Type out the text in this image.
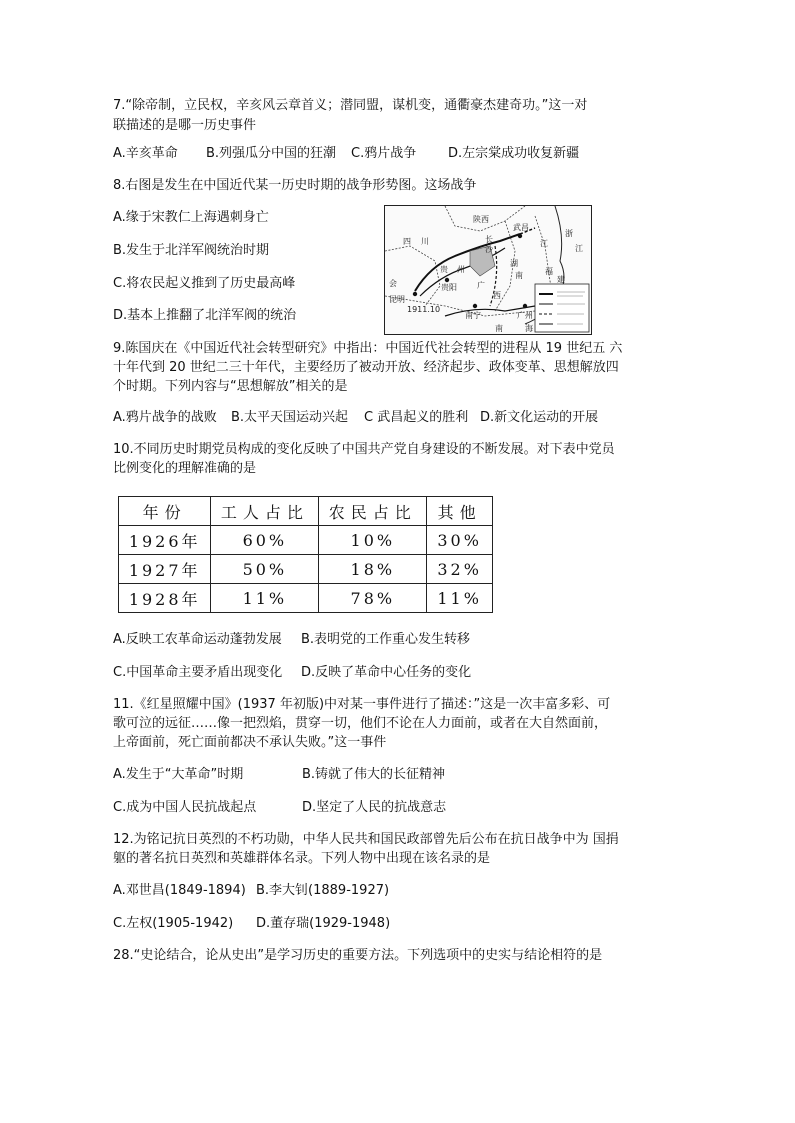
7.“除帝制，立民权，辛亥风云章首义；潜同盟，谋机变，通衢豪杰建奇功。”这一对
联描述的是哪一历史事件
A.辛亥革命 B.列强瓜分中国的狂潮 C.鸦片战争 D.左宗棠成功收复新疆
8.右图是发生在中国近代某一历史时期的战争形势图。这场战争
A.缘于宋教仁上海遇刺身亡
B.发生于北洋军阀统治时期
C.将农民起义推到了历史最高峰
D.基本上推翻了北洋军阀的统治
陕西
四 川	长
沙
武昌
江
浙
江
湖
南
贵 州
贵阳	广
西
南宁	广州
南	海
福
建
会
昆明
1911.10
9.陈国庆在《中国近代社会转型研究》中指出：中国近代社会转型的进程从 19 世纪五 六
十年代到 20 世纪二三十年代，主要经历了被动开放、经济起步、政体变革、思想解放四
个时期。下列内容与“思想解放”相关的是
A.鸦片战争的战败 B.太平天国运动兴起 C 武昌起义的胜利 D.新文化运动的开展
10.不同历史时期党员构成的变化反映了中国共产党自身建设的不断发展。对下表中党员
比例变化的理解准确的是
年份	工人占比	农民占比	其他
1926年	60%	10%	30%
1927年	50%	18%	32%
1928年	11%	78%	11%
A.反映工农革命运动蓬勃发展 B.表明党的工作重心发生转移
C.中国革命主要矛盾出现变化 D.反映了革命中心任务的变化
11.《红星照耀中国》(1937 年初版)中对某一事件进行了描述：”这是一次丰富多彩、可
歌可泣的远征……像一把烈焰，贯穿一切，他们不论在人力面前，或者在大自然面前，
上帝面前，死亡面前都决不承认失败。”这一事件
A.发生于“大革命”时期	B.铸就了伟大的长征精神
C.成为中国人民抗战起点	D.坚定了人民的抗战意志
12.为铭记抗日英烈的不朽功勋，中华人民共和国民政部曾先后公布在抗日战争中为 国捐
躯的著名抗日英烈和英雄群体名录。下列人物中出现在该名录的是
A.邓世昌(1849-1894) B.李大钊(1889-1927)
C.左权(1905-1942) D.董存瑞(1929-1948)
28.“史论结合，论从史出”是学习历史的重要方法。下列选项中的史实与结论相符的是
